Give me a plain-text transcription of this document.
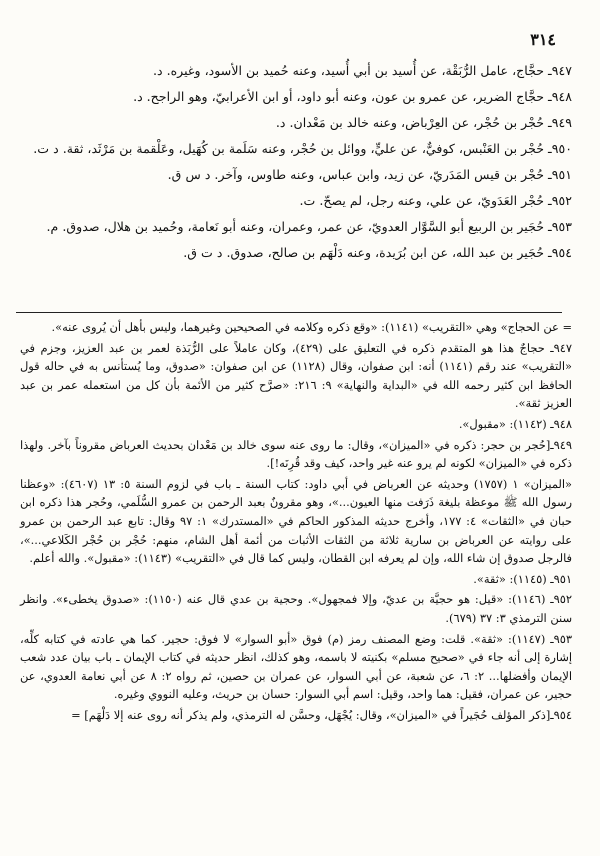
٣١٤

٩٤٧ـ حجَّاج، عامل الرُّبَقْة، عن أُسيد بن أبي أُسيد، وعنه حُميد بن الأسود، وغيره. د.

٩٤٨ـ حجَّاج الضرير، عن عمرو بن عون، وعنه أبو داود، أو ابن الأعرابيّ، وهو الراجح. د.

٩٤٩ـ حُجْر بن حُجْر، عن العِرْباض، وعنه خالد بن مَعْدان. د.

٩٥٠ـ حُجْر بن العَنْبس، كوفيٌّ، عن عليٍّ، ووائل بن حُجْر، وعنه سَلَمة بن كُهَيل، وعَلْقمة بن مَرْثَد، ثقة. د ت.

٩٥١ـ حُجْر بن قيس المَدَريّ، عن زيد، وابن عباس، وعنه طاوس، وآخر. د س ق.

٩٥٢ـ حُجْر العَدَويّ، عن علي، وعنه رجل، لم يصحّ. ت.

٩٥٣ـ حُجَير بن الربيع أبو السَّوَّار العدويّ، عن عمر، وعمران، وعنه أبو نَعامة، وحُميد بن هلال، صدوق. م.

٩٥٤ـ حُجَير بن عبد الله، عن ابن بُرَيدة، وعنه دَلْهَم بن صالح، صدوق. د ت ق.

= عن الحجاج» وهي «التقريب» (١١٤١): «وقع ذكره وكلامه في الصحيحين وغيرهما، وليس بأهل أن يُروى عنه».

٩٤٧ـ حجاجٌ هذا هو المتقدم ذكره في التعليق على (٤٢٩)، وكان عاملاً على الرُّبَذة لعمر بن عبد العزيز، وجزم في «التقريب» عند رقم (١١٤١) أنه: ابن صفوان، وقال (١١٢٨) عن ابن صفوان: «صدوق، وما يُستأنس به في حاله قول الحافظ ابن كثير رحمه الله في «البداية والنهاية» ٩: ٢١٦: «صرَّح كثير من الأئمة بأن كل من استعمله عمر بن عبد العزيز ثقة».

٩٤٨ـ (١١٤٢): «مقبول».

٩٤٩ـ[حُجر بن حجر: ذكره في «الميزان»، وقال: ما روى عنه سوى خالد بن مَعْدان بحديث العرباض مقروناً بآخر. ولهذا ذكره في «الميزان» لكونه لم يرو عنه غير واحد، كيف وقد قُرِنَه!].

«الميزان» ١ (١٧٥٧) وحديثه عن العرباض في أبي داود: كتاب السنة ـ باب في لزوم السنة ٥: ١٣ (٤٦٠٧): «وعظنا رسول الله ﷺ موعظة بليغة ذَرَفت منها العيون...»، وهو مقرونٌ بعبد الرحمن بن عمرو السُّلَمي، وحُجر هذا ذكره ابن حبان في «الثقات» ٤: ١٧٧، وأخرج حديثه المذكور الحاكم في «المستدرك» ١: ٩٧ وقال: تابع عبد الرحمن بن عمرو على روايته عن العرباض بن سارية ثلاثة من الثقات الأثبات من أئمة أهل الشام، منهم: حُجْر بن حُجْر الكَلاعي...»، فالرجل صدوق إن شاء الله، وإن لم يعرفه ابن القطان، وليس كما قال في «التقريب» (١١٤٣): «مقبول». والله أعلم.

٩٥١ـ (١١٤٥): «ثقة».

٩٥٢ـ (١١٤٦): «قيل: هو حجيَّة بن عديّ، وإلا فمجهول». وحجية بن عدي قال عنه (١١٥٠): «صدوق يخطىء». وانظر سنن الترمذي ٣: ٣٧ (٦٧٩).

٩٥٣ـ (١١٤٧): «ثقة». قلت: وضع المصنف رمز (م) فوق «أبو السوار» لا فوق: حجير. كما هي عادته في كتابه كلِّه، إشارة إلى أنه جاء في «صحيح مسلم» بكنيته لا باسمه، وهو كذلك، انظر حديثه في كتاب الإيمان ـ باب بيان عدد شعب الإيمان وأفضلها... ٢: ٦، عن شعبة، عن أبي السوار، عن عمران بن حصين، ثم رواه ٢: ٨ عن أبي نعامة العدوي، عن حجير، عن عمران، فقيل: هما واحد، وقيل: اسم أبي السوار: حسان بن حريث، وعليه النووي وغيره.

٩٥٤ـ[ذكر المؤلف حُجَيراً في «الميزان»، وقال: يُجْهَل، وحسَّن له الترمذي، ولم يذكر أنه روى عنه إلا دَلْهَم] =
